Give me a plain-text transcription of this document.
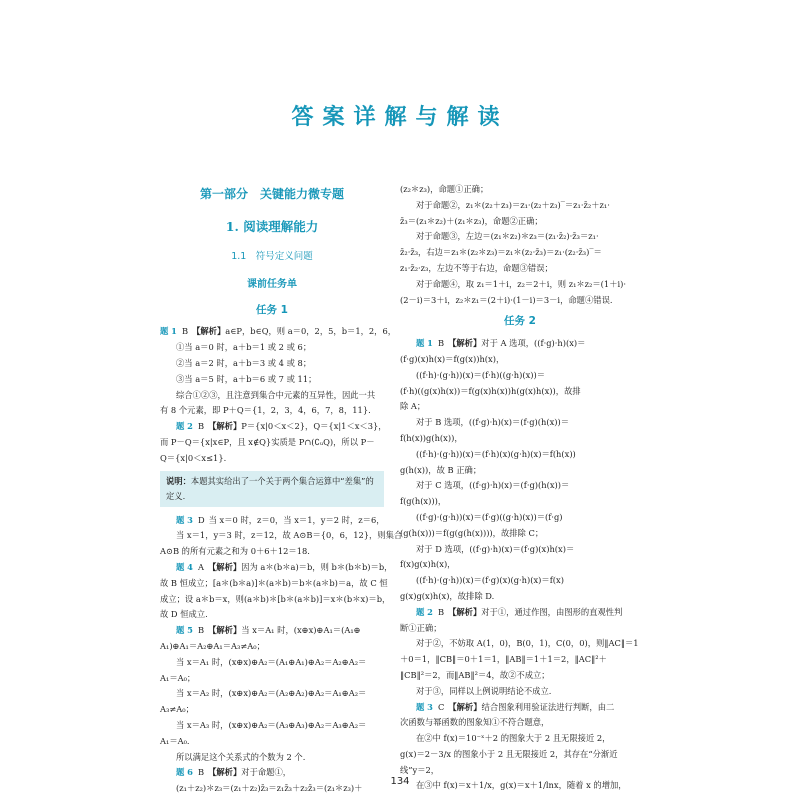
答案详解与解读
第一部分　关键能力微专题
1. 阅读理解能力
1.1　符号定义问题
课前任务单
任务 1

题 1 B 【解析】a∈P，b∈Q，则 a＝0，2，5，b＝1，2，6，

①当 a＝0 时，a＋b＝1 或 2 或 6；

②当 a＝2 时，a＋b＝3 或 4 或 8；

③当 a＝5 时，a＋b＝6 或 7 或 11；

综合①②③，且注意到集合中元素的互异性，因此一共

有 8 个元素，即 P＋Q＝{1，2，3，4，6，7，8，11}.

题 2 B 【解析】P＝{x|0＜x＜2}，Q＝{x|1＜x＜3}，

而 P－Q＝{x|x∈P，且 x∉Q}实质是 P∩(∁ᵤQ)，所以 P－

Q＝{x|0＜x≤1}.

说明：本题其实给出了一个关于两个集合运算中“差集”的定义.

题 3 D 当 x＝0 时，z＝0，当 x＝1，y＝2 时，z＝6，

当 x＝1，y＝3 时，z＝12，故 A⊙B＝{0，6，12}，则集合

A⊙B 的所有元素之和为 0＋6＋12＝18.

题 4 A 【解析】因为 a＊(b＊a)＝b，则 b＊(b＊b)＝b，

故 B 恒成立；[a＊(b＊a)]＊(a＊b)＝b＊(a＊b)＝a，故 C 恒

成立；设 a＊b＝x，则(a＊b)＊[b＊(a＊b)]＝x＊(b＊x)＝b，

故 D 恒成立.

题 5 B 【解析】当 x＝A₁ 时，(x⊕x)⊕A₁＝(A₁⊕

A₁)⊕A₁＝A₂⊕A₁＝A₃≠A₀；

当 x＝A₁ 时，(x⊕x)⊕A₂＝(A₁⊕A₁)⊕A₂＝A₂⊕A₂＝

A₁＝A₀；

当 x＝A₂ 时，(x⊕x)⊕A₂＝(A₂⊕A₂)⊕A₂＝A₁⊕A₂＝

A₃≠A₀；

当 x＝A₃ 时，(x⊕x)⊕A₂＝(A₃⊕A₃)⊕A₂＝A₃⊕A₂＝

A₁＝A₀.

所以满足这个关系式的个数为 2 个.

题 6 B 【解析】对于命题①，

(z₁＋z₂)＊z₃＝(z₁＋z₂)z̄₃＝z₁z̄₃＋z₂z̄₃＝(z₁＊z₃)＋

(z₂＊z₃)，命题①正确；

对于命题②，z₁＊(z₂＋z₃)＝z₁·(z₂＋z₃)‾＝z₁·z̄₂＋z₁·

z̄₃＝(z₁＊z₂)＋(z₁＊z₃)，命题②正确；

对于命题③，左边＝(z₁＊z₂)＊z₃＝(z₁·z̄₂)·z̄₃＝z₁·

z̄₂·z̄₃，右边＝z₁＊(z₂＊z₃)＝z₁＊(z₂·z̄₃)＝z₁·(z₂·z̄₃)‾＝

z₁·z̄₂·z₃，左边不等于右边，命题③错误；

对于命题④，取 z₁＝1＋i，z₂＝2＋i，则 z₁＊z₂＝(1＋i)·

(2－i)＝3＋i，z₂＊z₁＝(2＋i)·(1－i)＝3－i，命题④错误.

任务 2

题 1 B 【解析】对于 A 选项，((f·g)·h)(x)＝

(f·g)(x)h(x)＝f(g(x))h(x)，

((f·h)·(g·h))(x)＝(f·h)((g·h)(x))＝

(f·h)((g(x)h(x))＝f(g(x)h(x))h(g(x)h(x))，故排

除 A；

对于 B 选项，((f·g)·h)(x)＝(f·g)(h(x))＝

f(h(x))g(h(x))，

((f·h)·(g·h))(x)＝(f·h)(x)(g·h)(x)＝f(h(x))

g(h(x))，故 B 正确；

对于 C 选项，((f·g)·h)(x)＝(f·g)(h(x))＝

f(g(h(x)))，

((f·g)·(g·h))(x)＝(f·g)((g·h)(x))＝(f·g)

(g(h(x)))＝f(g(g(h(x))))，故排除 C；

对于 D 选项，((f·g)·h)(x)＝(f·g)(x)h(x)＝

f(x)g(x)h(x)，

((f·h)·(g·h))(x)＝(f·g)(x)(g·h)(x)＝f(x)

g(x)g(x)h(x)，故排除 D.

题 2 B 【解析】对于①，通过作图，由图形的直观性判

断①正确；

对于②，不妨取 A(1，0)，B(0，1)，C(0，0)，则‖AC‖＝1

＋0＝1，‖CB‖＝0＋1＝1，‖AB‖＝1＋1＝2，‖AC‖²＋

‖CB‖²＝2，而‖AB‖²＝4，故②不成立；

对于③，同样以上例说明结论不成立.

题 3 C 【解析】结合图象利用验证法进行判断，由二

次函数与幂函数的图象知①不符合题意，

在②中 f(x)＝10⁻ˣ＋2 的图象大于 2 且无限接近 2，

g(x)＝2－3/x 的图象小于 2 且无限接近 2，其存在“分渐近

线”y＝2，

在③中 f(x)＝x＋1/x，g(x)＝x＋1/lnx，随着 x 的增加，

134
